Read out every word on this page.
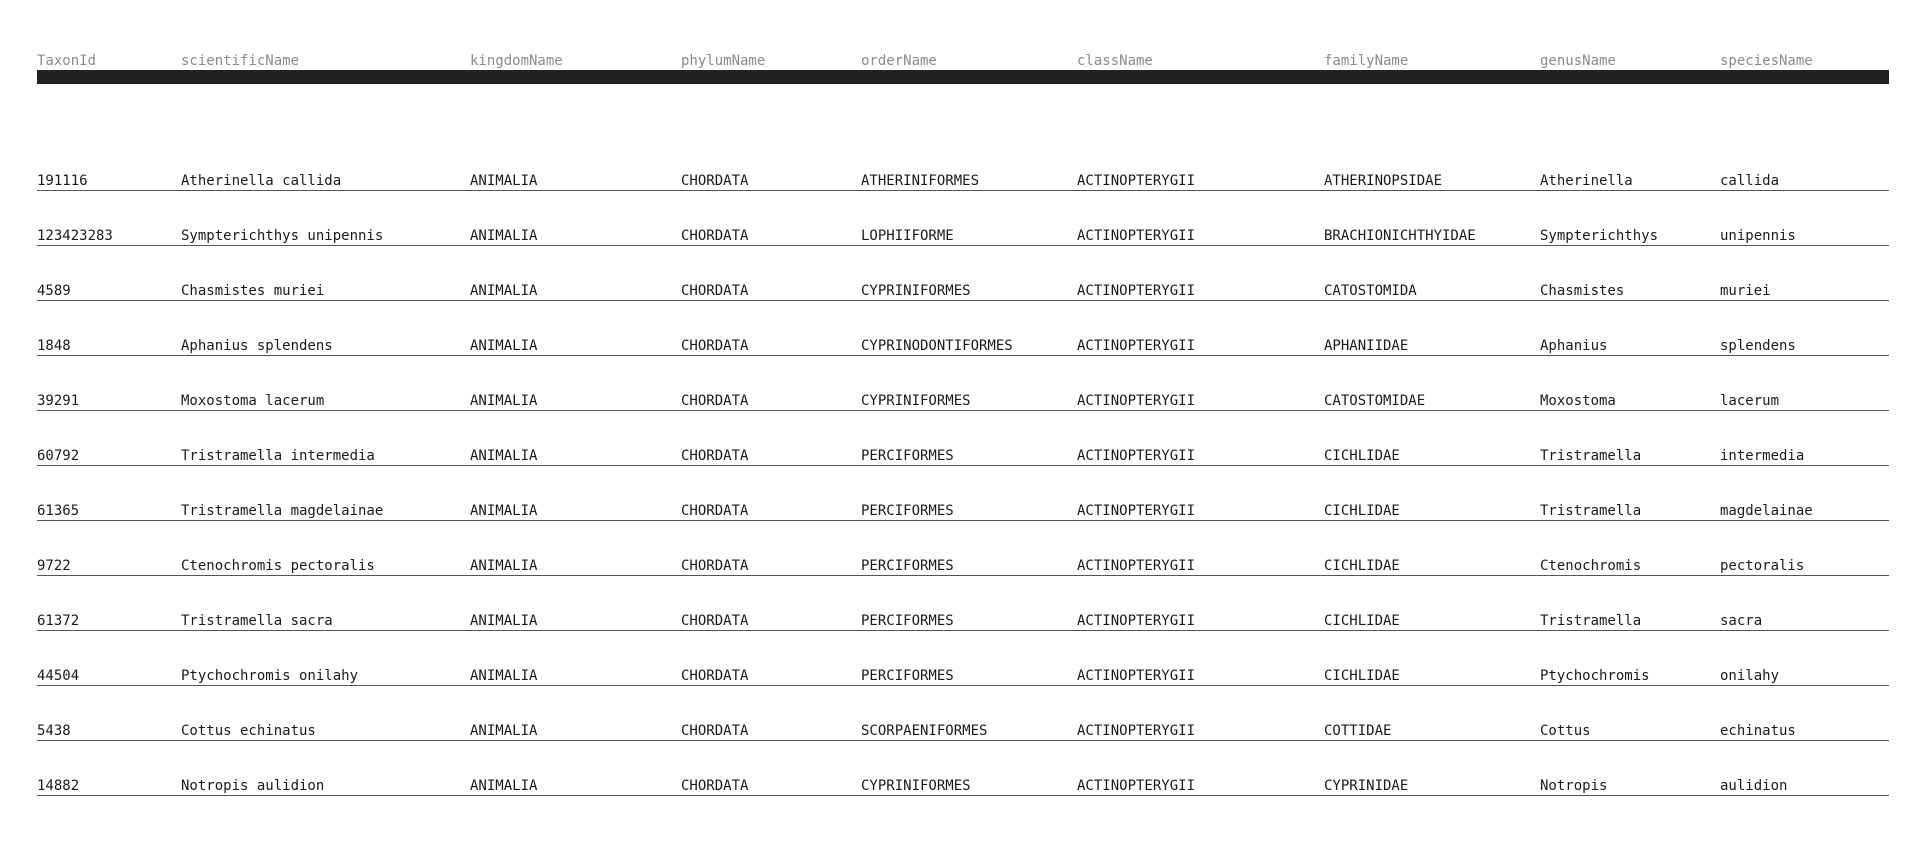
TaxonId	scientificName	kingdomName	phylumName	orderName	className	familyName	genusName	speciesName
191116	Atherinella callida	ANIMALIA	CHORDATA	ATHERINIFORMES	ACTINOPTERYGII	ATHERINOPSIDAE	Atherinella	callida
123423283	Sympterichthys unipennis	ANIMALIA	CHORDATA	LOPHIIFORME	ACTINOPTERYGII	BRACHIONICHTHYIDAE	Sympterichthys	unipennis
4589	Chasmistes muriei	ANIMALIA	CHORDATA	CYPRINIFORMES	ACTINOPTERYGII	CATOSTOMIDA	Chasmistes	muriei
1848	Aphanius splendens	ANIMALIA	CHORDATA	CYPRINODONTIFORMES	ACTINOPTERYGII	APHANIIDAE	Aphanius	splendens
39291	Moxostoma lacerum	ANIMALIA	CHORDATA	CYPRINIFORMES	ACTINOPTERYGII	CATOSTOMIDAE	Moxostoma	lacerum
60792	Tristramella intermedia	ANIMALIA	CHORDATA	PERCIFORMES	ACTINOPTERYGII	CICHLIDAE	Tristramella	intermedia
61365	Tristramella magdelainae	ANIMALIA	CHORDATA	PERCIFORMES	ACTINOPTERYGII	CICHLIDAE	Tristramella	magdelainae
9722	Ctenochromis pectoralis	ANIMALIA	CHORDATA	PERCIFORMES	ACTINOPTERYGII	CICHLIDAE	Ctenochromis	pectoralis
61372	Tristramella sacra	ANIMALIA	CHORDATA	PERCIFORMES	ACTINOPTERYGII	CICHLIDAE	Tristramella	sacra
44504	Ptychochromis onilahy	ANIMALIA	CHORDATA	PERCIFORMES	ACTINOPTERYGII	CICHLIDAE	Ptychochromis	onilahy
5438	Cottus echinatus	ANIMALIA	CHORDATA	SCORPAENIFORMES	ACTINOPTERYGII	COTTIDAE	Cottus	echinatus
14882	Notropis aulidion	ANIMALIA	CHORDATA	CYPRINIFORMES	ACTINOPTERYGII	CYPRINIDAE	Notropis	aulidion
